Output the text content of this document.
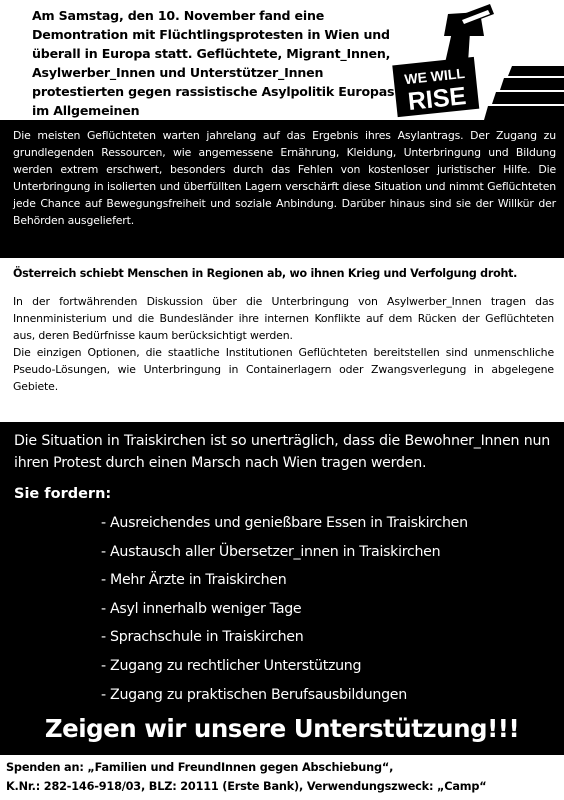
Am Samstag, den 10. November fand eine Demontration mit Flüchtlingsprotesten in Wien und überall in Europa statt. Geflüchtete, Migrant_Innen, Asylwerber_Innen und Unterstützer_Innen protestierten gegen rassistische Asylpolitik Europas im Allgemeinen

WE WILL
RISE

Die meisten Geflüchteten warten jahrelang auf das Ergebnis ihres Asylantrags. Der Zugang zu grundlegenden Ressourcen, wie angemessene Ernährung, Kleidung, Unterbringung und Bildung werden extrem erschwert, besonders durch das Fehlen von kostenloser juristischer Hilfe. Die Unterbringung in isolierten und überfüllten Lagern verschärft diese Situation und nimmt Geflüchteten jede Chance auf Bewegungsfreiheit und soziale Anbindung. Darüber hinaus sind sie der Willkür der Behörden ausgeliefert.

Österreich schiebt Menschen in Regionen ab, wo ihnen Krieg und Verfolgung droht.

In der fortwährenden Diskussion über die Unterbringung von Asylwerber_Innen tragen das Innenministerium und die Bundesländer ihre internen Konflikte auf dem Rücken der Geflüchteten aus, deren Bedürfnisse kaum berücksichtigt werden.

Die einzigen Optionen, die staatliche Institutionen Geflüchteten bereitstellen sind unmenschliche Pseudo-Lösungen, wie Unterbringung in Containerlagern oder Zwangsverlegung in abgelegene Gebiete.

Die Situation in Traiskirchen ist so unerträglich, dass die Bewohner_Innen nun ihren Protest durch einen Marsch nach Wien tragen werden.

Sie fordern:

- Ausreichendes und genießbare Essen in Traiskirchen
- Austausch aller Übersetzer_innen in Traiskirchen
- Mehr Ärzte in Traiskirchen
- Asyl innerhalb weniger Tage
- Sprachschule in Traiskirchen
- Zugang zu rechtlicher Unterstützung
- Zugang zu praktischen Berufsausbildungen

Zeigen wir unsere Unterstützung!!!

Spenden an: „Familien und FreundInnen gegen Abschiebung“,

K.Nr.: 282-146-918/03, BLZ: 20111 (Erste Bank), Verwendungszweck: „Camp“
